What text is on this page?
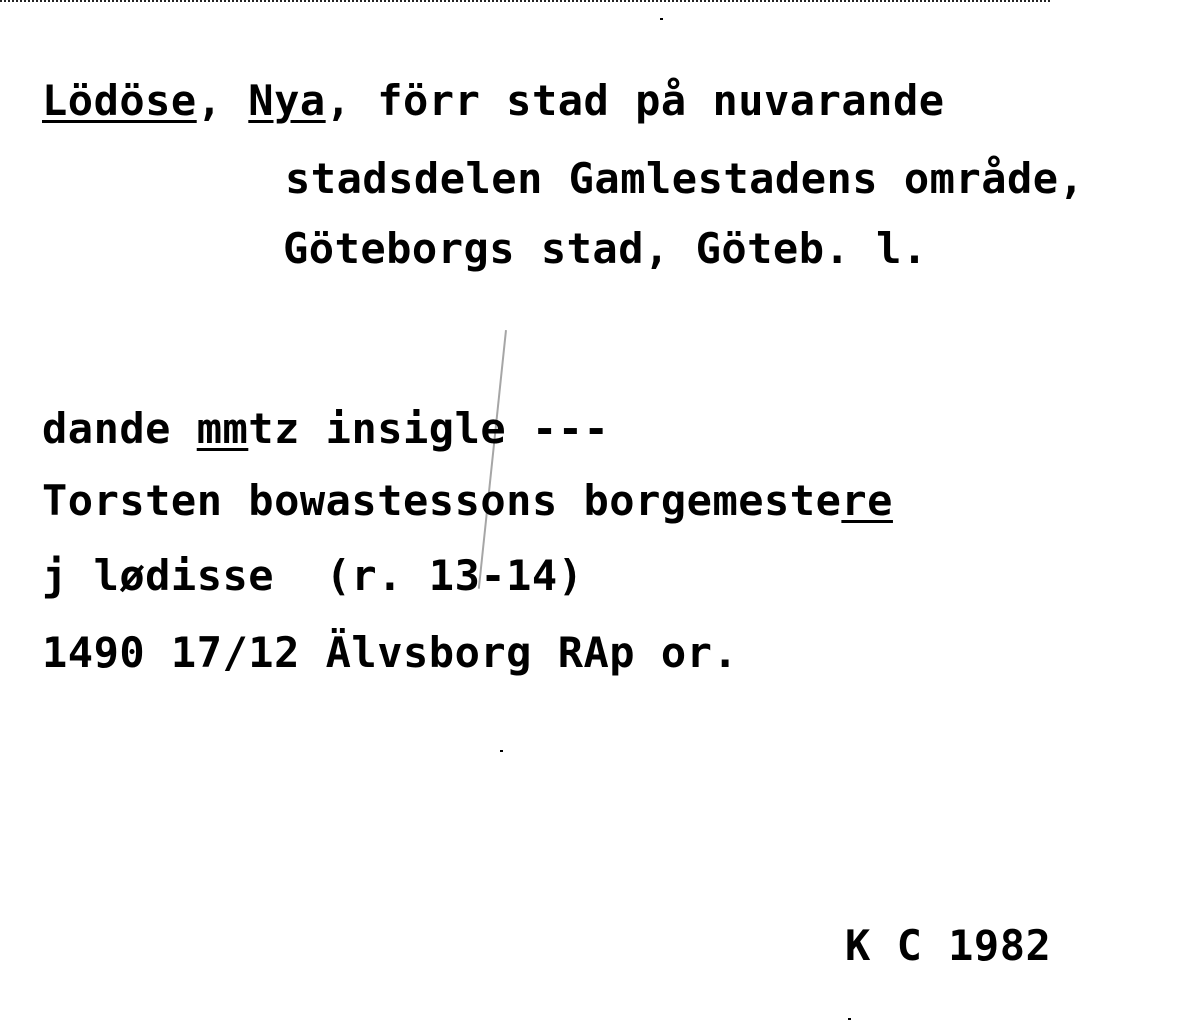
Lödöse, Nya, förr stad på nuvarande
stadsdelen Gamlestadens område,
Göteborgs stad, Göteb. l.
dande mmtz insigle ---
Torsten bowastessons borgemestere
j lødisse  (r. 13-14)
1490 17/12 Älvsborg RAp or.
K C 1982
